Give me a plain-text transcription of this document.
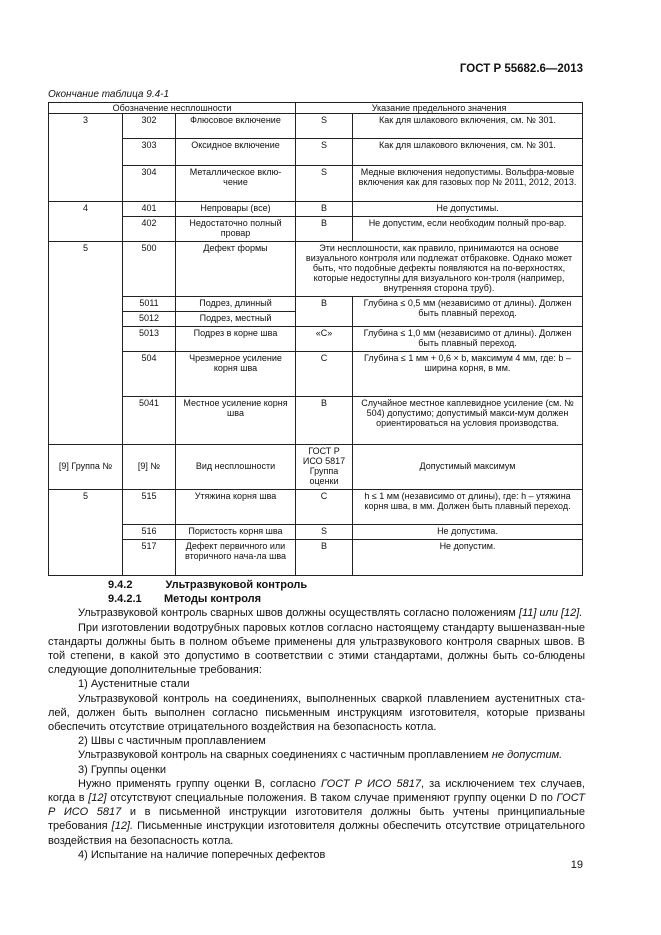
ГОСТ Р 55682.6—2013
Окончание таблица 9.4-1
Обозначение несплошности			Указание предельного значения	
3	302	Флюсовое включение	S	Как для шлакового включения, см. № 301.
	303	Оксидное включение	S	Как для шлакового включения, см. № 301.
	304	Металлическое вклю-чение	S	Медные включения недопустимы. Вольфра-мовые включения как для газовых пор № 2011, 2012, 2013.
4	401	Непровары (все)	B	Не допустимы.
	402	Недостаточно полный провар	B	Не допустим, если необходим полный про-вар.
5	500	Дефект формы	Эти несплошности, как правило, принимаются на основе визуального контроля или подлежат отбраковке. Однако может быть, что подобные дефекты появляются на по-верхностях, которые недоступны для визуального кон-троля (например, внутренняя сторона труб).	
	5011	Подрез, длинный	B	Глубина ≤ 0,5 мм (независимо от длины). Должен быть плавный переход.
	5012	Подрез, местный		
	5013	Подрез в корне шва	«С»	Глубина ≤ 1,0 мм (независимо от длины). Должен быть плавный переход.
	504	Чрезмерное усиление корня шва	C	Глубина ≤ 1 мм + 0,6 × b, максимум 4 мм, где: b – ширина корня, в мм.
	5041	Местное усиление корня шва	B	Случайное местное каплевидное усиление (см. № 504) допустимо; допустимый макси-мум должен ориентироваться на условия производства.
[9] Группа №	[9] №	Вид несплошности	ГОСТ Р ИСО 5817 Группа оценки	Допустимый максимум
5	515	Утяжина корня шва	C	h ≤ 1 мм (независимо от длины), где: h – утяжина корня шва, в мм. Должен быть плавный переход.
	516	Пористость корня шва	S	Не допустима.
	517	Дефект первичного или вторичного нача-ла шва	B	Не допустим.

9.4.2	Ультразвуковой контроль

9.4.2.1 Методы контроля

Ультразвуковой контроль сварных швов должны осуществлять согласно положениям [11] или [12].

При изготовлении водотрубных паровых котлов согласно настоящему стандарту вышеназван-ные стандарты должны быть в полном объеме применены для ультразвукового контроля сварных швов. В той степени, в какой это допустимо в соответствии с этими стандартами, должны быть со-блюдены следующие дополнительные требования:

1) Аустенитные стали

Ультразвуковой контроль на соединениях, выполненных сваркой плавлением аустенитных ста-лей, должен быть выполнен согласно письменным инструкциям изготовителя, которые призваны обеспечить отсутствие отрицательного воздействия на безопасность котла.

2) Швы с частичным проплавлением

Ультразвуковой контроль на сварных соединениях с частичным проплавлением не допустим.

3) Группы оценки

Нужно применять группу оценки B, согласно ГОСТ Р ИСО 5817, за исключением тех случаев, когда в [12] отсутствуют специальные положения. В таком случае применяют группу оценки D по ГОСТ Р ИСО 5817 и в письменной инструкции изготовителя должны быть учтены принципиальные требования [12]. Письменные инструкции изготовителя должны обеспечить отсутствие отрицательного воздействия на безопасность котла.

4) Испытание на наличие поперечных дефектов

19
